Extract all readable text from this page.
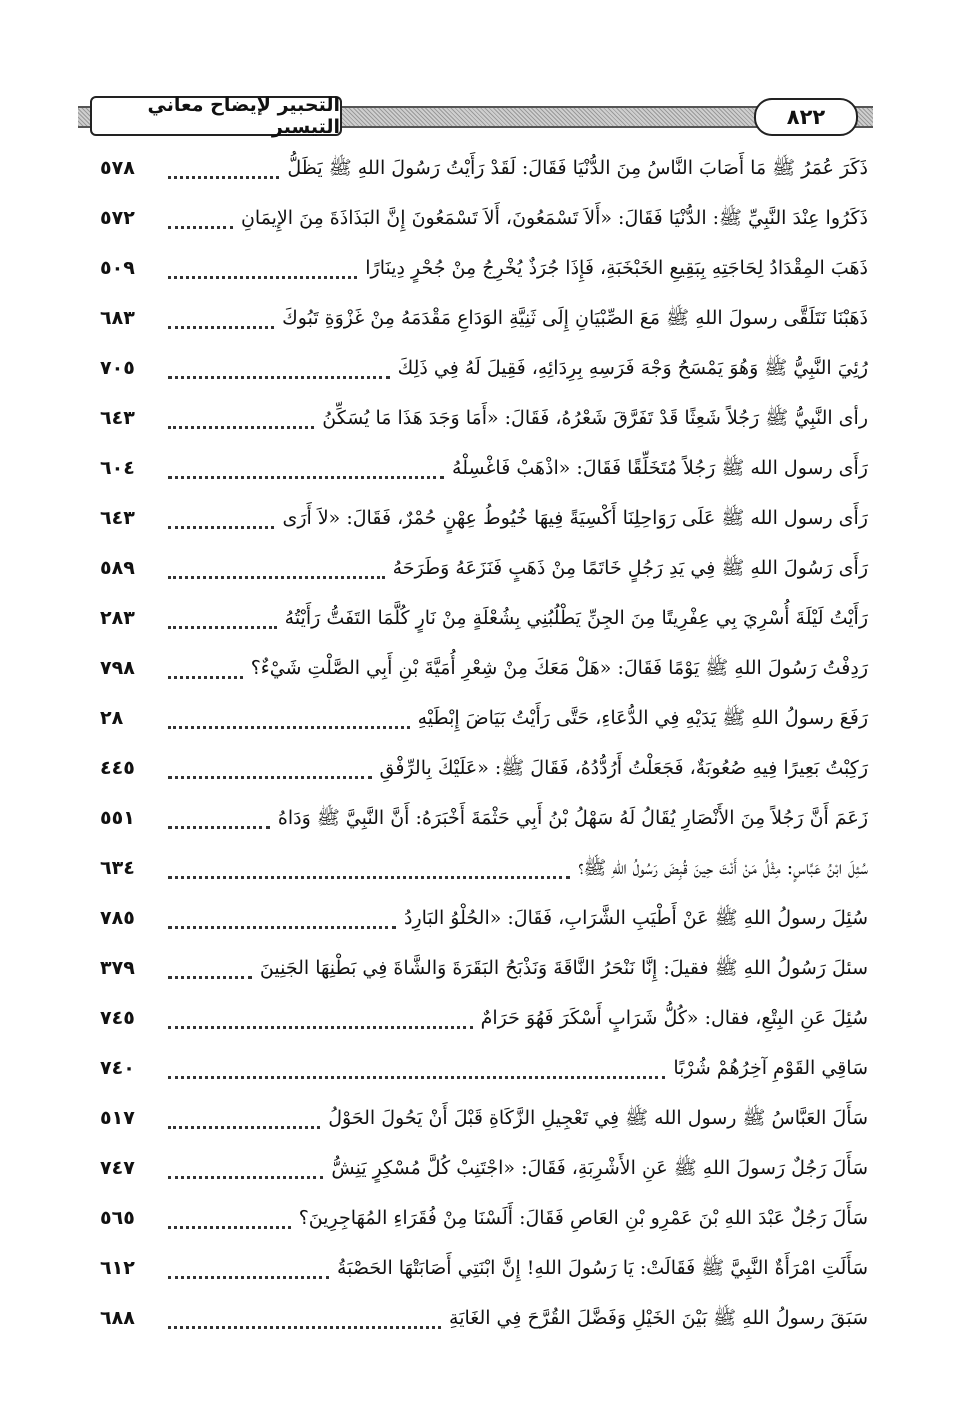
التحبير لإيضاح معاني التيسير	٨٢٢
ذَكَرَ عُمَرُ ﷺ مَا أَصَابَ النَّاسُ مِنَ الدُّنْيَا فَقَالَ: لَقَدْ رَأَيْتُ رَسُولَ اللهِ ﷺ يَظَلُّ
٥٧٨
ذَكَرُوا عِنْدَ النَّبِيِّ ﷺ: الدُّنْيَا فَقَالَ: «أَلاَ تَسْمَعُونَ، أَلاَ تَسْمَعُونَ إِنَّ البَذَاذَةَ مِنَ الإِيمَانِ
٥٧٢
ذَهَبَ المِقْدَادُ لِحَاجَتِهِ بِبَقِيعِ الخَبْخَبَةِ، فَإِذَا جُرَذٌ يُخْرِجُ مِنْ جُحْرٍ دِينَارًا
٥٠٩
ذَهَبْنَا نَتَلَقَّى رسولَ اللهِ ﷺ مَعَ الصِّبْيَانِ إِلَى ثَنِيَّةِ الوَدَاعِ مَقْدَمَهُ مِنْ غَزْوَةِ تَبُوكَ
٦٨٣
رُئِيَ النَّبِيُّ ﷺ وَهُوَ يَمْسَحُ وَجْهَ فَرَسِهِ بِرِدَائِهِ، فَقِيلَ لَهُ فِي ذَلِكَ
٧٠٥
رأى النَّبِيُّ ﷺ رَجُلاً شَعِثًا قَدْ تَفَرَّقَ شَعْرُهُ، فَقَالَ: «أَمَا وَجَدَ هَذَا مَا يُسَكِّنُ
٦٤٣
رَأَى رسول الله ﷺ رَجُلاً مُتَخَلِّقًا فَقَالَ: «اذْهَبْ فَاغْسِلْهُ
٦٠٤
رَأَى رسول الله ﷺ عَلَى رَوَاحِلِنَا أَكْسِيَةً فِيهَا خُيُوطُ عِهْنٍ حُمْرٌ، فَقَالَ: «لاَ أَرَى
٦٤٣
رَأَى رَسُولَ اللهِ ﷺ فِي يَدِ رَجُلٍ خَاتَمًا مِنْ ذَهَبٍ فَنَزَعَهُ وَطَرَحَهُ
٥٨٩
رَأَيْتُ لَيْلَةَ أُسْرِيَ بِي عِفْرِيتًا مِنَ الجِنِّ يَطْلُبُنِي بِشُعْلَةٍ مِنْ نَارٍ كُلَّمَا التَفَتُّ رَأَيْتُهُ
٢٨٣
رَدِفْتُ رَسُولَ اللهِ ﷺ يَوْمًا فَقَالَ: «هَلْ مَعَكَ مِنْ شِعْرِ أُمَيَّةَ بْنِ أَبِي الصَّلْتِ شَيْءٌ؟
٧٩٨
رَفَعَ رسولُ اللهِ ﷺ يَدَيْهِ فِي الدُّعَاءِ، حَتَّى رَأَيْتُ بَيَاضَ إِبْطَيْهِ
٢٨
رَكِبْتُ بَعِيرًا فِيهِ صُعُوبَةٌ، فَجَعَلْتُ أَرُدُّدُهُ، فَقَالَ ﷺ: «عَلَيْكَ بِالرِّفْقِ
٤٤٥
زَعَمَ أَنَّ رَجُلاً مِنَ الأَنْصَارِ يُقَالُ لَهُ سَهْلُ بْنُ أَبِي حَثْمَةَ أَخْبَرَهُ: أَنَّ النَّبِيَّ ﷺ وَدَاهُ
٥٥١
سُئِلَ ابْنُ عَبَّاسٍ: مِثْلُ مَنْ أَنْتَ حِينَ قُبِضَ رَسُولُ اللهِ ﷺ؟
٦٣٤
سُئِلَ رسولُ اللهِ ﷺ عَنْ أَطْيَبِ الشَّرَابِ، فَقَالَ: «الحُلْوُ البَارِدُ
٧٨٥
سئلَ رَسُولُ اللهِ ﷺ فقيلَ: إِنَّا نَنْحَرُ النَّاقَةَ وَنَذْبَحُ البَقَرَةَ وَالشَّاةَ فِي بَطْنِهَا الجَنِينَ
٣٧٩
سُئِلَ عَنِ البِتْعِ، فقال: «كُلُّ شَرَابٍ أَسْكَرَ فَهُوَ حَرَامٌ
٧٤٥
سَاقِي القَوْمِ آخِرُهُمْ شُرْبًا
٧٤٠
سَأَلَ العَبَّاسُ ﷺ رسول الله ﷺ فِي تَعْجِيلِ الزَّكَاةِ قَبْلَ أَنْ يَحُولَ الحَوْلُ
٥١٧
سَأَلَ رَجُلٌ رَسولَ اللهِ ﷺ عَنِ الأَشْرِبَةِ، فَقَالَ: «اجْتَنِبْ كُلَّ مُسْكِرٍ يَنِشُّ
٧٤٧
سَأَلَ رَجُلٌ عَبْدَ اللهِ بْنَ عَمْرِو بْنِ العَاصِ فَقَالَ: أَلَسْنَا مِنْ فُقَرَاءِ المُهَاجِرِينَ؟
٥٦٥
سَأَلَتِ امْرَأَةٌ النَّبِيَّ ﷺ فَقَالَتْ: يَا رَسُولَ اللهِ! إِنَّ ابْنَتِي أَصَابَتْهَا الحَصْبَةُ
٦١٢
سَبَقَ رسولُ اللهِ ﷺ بَيْنَ الخَيْلِ وَفَضَّلَ القُرَّحَ فِي الغَايَةِ
٦٨٨
